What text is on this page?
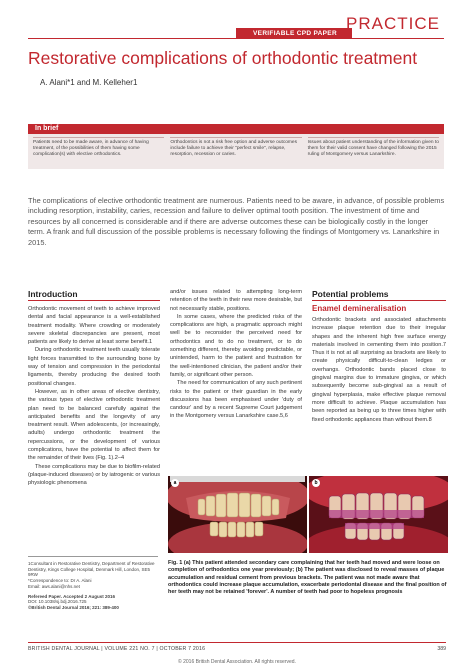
VERIFIABLE CPD PAPER
PRACTICE
Restorative complications of orthodontic treatment
A. Alani*1 and M. Kelleher1
In brief
Patients need to be made aware, in advance of having treatment, of the possibilities of them having some complication(s) with elective orthodontics.
Orthodontics is not a risk free option and adverse outcomes include failure to achieve their "perfect smile", relapse, resorption, recession or caries.
Issues about patient understanding of the information given to them for their valid consent have changed following the 2015 ruling of Montgomery versus Lanarkshire.
The complications of elective orthodontic treatment are numerous. Patients need to be aware, in advance, of possible problems including resorption, instability, caries, recession and failure to deliver optimal tooth position. The investment of time and resources by all concerned is considerable and if there are adverse outcomes these can be biologically costly in the longer term. A frank and full discussion of the possible problems is necessary following the findings of Montgomery vs. Lanarkshire in 2015.
Introduction

Orthodontic movement of teeth to achieve improved dental and facial appearance is a well-established treatment modality. Where crowding or moderately severe skeletal discrepancies are present, most patients are likely to derive at least some benefit.1

During orthodontic treatment teeth usually tolerate light forces transmitted to the surrounding bone by way of tension and compression in the periodontal ligaments, thereby producing the desired tooth positional changes.

However, as in other areas of elective dentistry, the various types of elective orthodontic treatment plan need to be balanced carefully against the anticipated benefits and the longevity of any treatment result. When adolescents, (or increasingly, adults) undergo orthodontic treatment the repercussions, or the development of various complications, have the potential to affect them for the remainder of their lives (Fig. 1).2–4

These complications may be due to biofilm-related (plaque-induced diseases) or by iatrogenic or various physiologic phenomena

and/or issues related to attempting long-term retention of the teeth in their new more desirable, but not necessarily stable, positions.

In some cases, where the predicted risks of the complications are high, a pragmatic approach might well be to reconsider the perceived need for orthodontics and to do no treatment, or to do something different, thereby avoiding predictable, or unintended, harm to the patient and frustration for the well-intentioned clinician, the patient and/or their family, or significant other person.

The need for communication of any such pertinent risks to the patient or their guardian in the early discussions has been emphasised under 'duty of candour' and by a recent Supreme Court judgement in the Montgomery versus Lanarkshire case.5,6

Potential problems
Enamel demineralisation

Orthodontic brackets and associated attachments increase plaque retention due to their irregular shapes and the inherent high free surface energy materials involved in cementing them into position.7 Thus it is not at all surprising as brackets are likely to create physically difficult-to-clean ledges or overhangs. Orthodontic bands placed close to gingival margins due to immature gingiva, or which subsequently become sub-gingival as a result of gingival hyperplasia, make effective plaque removal more difficult to achieve. Plaque accumulation has been reported as being up to three times higher with fixed orthodontic appliances than without them.8

a	b
Fig. 1 (a) This patient attended secondary care complaining that her teeth had moved and were loose on completion of orthodontics one year previously; (b) The patient was disclosed to reveal masses of plaque accumulation and residual cement from previous brackets. The patient was not made aware that orthodontics could increase plaque accumulation, exacerbate periodontal disease and the final position of her teeth may not be retained 'forever'. A number of teeth had poor to hopeless prognosis
1Consultant in Restorative Dentistry, Department of Restorative Dentistry, Kings College Hospital, Denmark Hill, London, SE5 9RW
*Correspondence to: Dr A. Alani
Email: aws.alani@nhs.net
Refereed Paper. Accepted 2 August 2016
DOI: 10.1038/sj.bdj.2016.725
©British Dental Journal 2016; 221: 389-400
BRITISH DENTAL JOURNAL | VOLUME 221 NO. 7 | OCTOBER 7 2016	389
© 2016 British Dental Association. All rights reserved.
